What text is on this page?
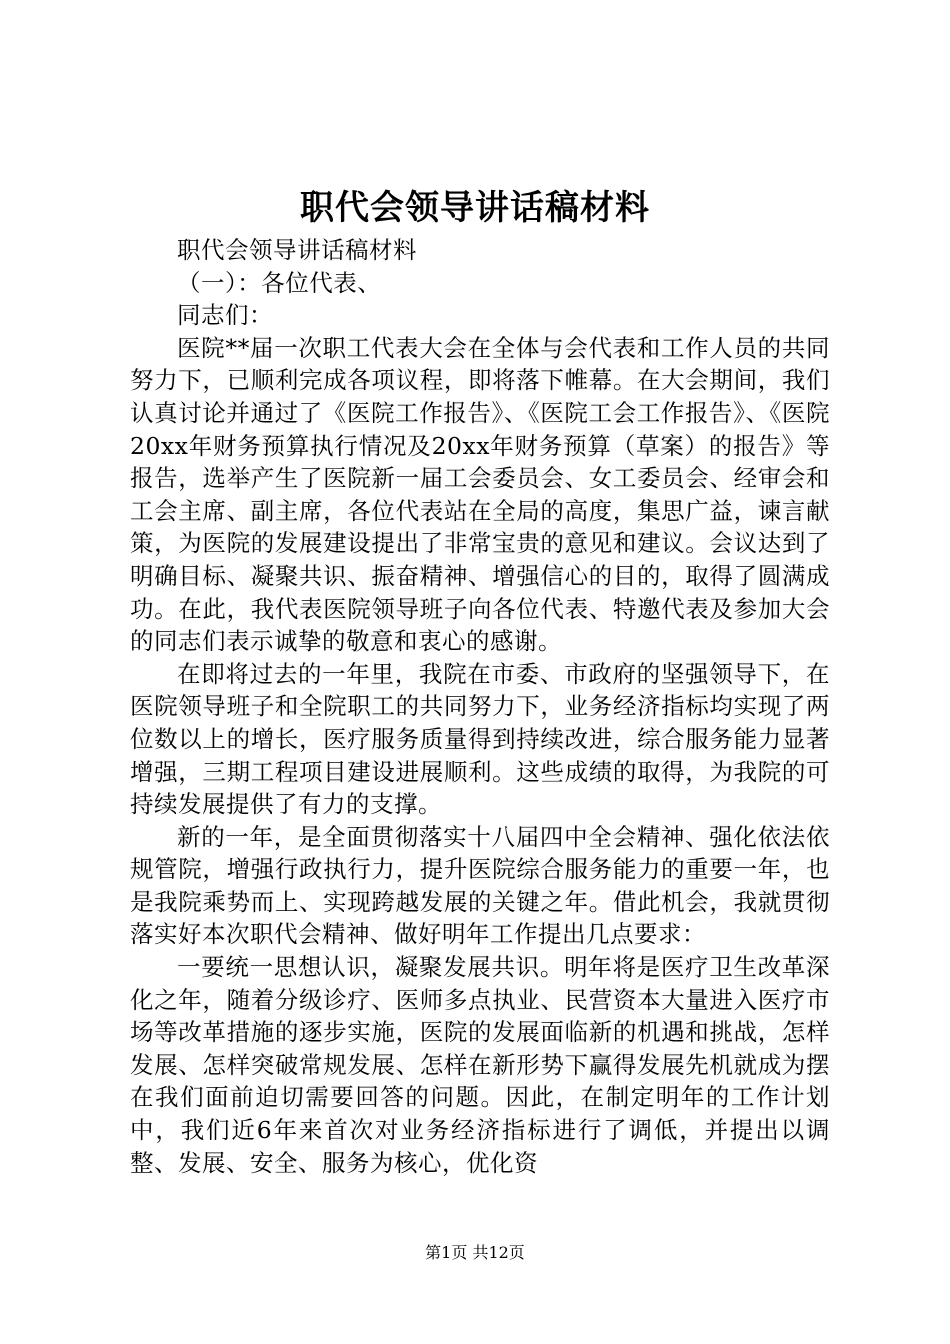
职代会领导讲话稿材料

职代会领导讲话稿材料

（一）：各位代表、

同志们：

医院**届一次职工代表大会在全体与会代表和工作人员的共同努力下，已顺利完成各项议程，即将落下帷幕。在大会期间，我们认真讨论并通过了《医院工作报告》、《医院工会工作报告》、《医院20xx年财务预算执行情况及20xx年财务预算（草案）的报告》等报告，选举产生了医院新一届工会委员会、女工委员会、经审会和工会主席、副主席，各位代表站在全局的高度，集思广益，谏言献策，为医院的发展建设提出了非常宝贵的意见和建议。会议达到了明确目标、凝聚共识、振奋精神、增强信心的目的，取得了圆满成功。在此，我代表医院领导班子向各位代表、特邀代表及参加大会的同志们表示诚挚的敬意和衷心的感谢。

在即将过去的一年里，我院在市委、市政府的坚强领导下，在医院领导班子和全院职工的共同努力下，业务经济指标均实现了两位数以上的增长，医疗服务质量得到持续改进，综合服务能力显著增强，三期工程项目建设进展顺利。这些成绩的取得，为我院的可持续发展提供了有力的支撑。

新的一年，是全面贯彻落实十八届四中全会精神、强化依法依规管院，增强行政执行力，提升医院综合服务能力的重要一年，也是我院乘势而上、实现跨越发展的关键之年。借此机会，我就贯彻落实好本次职代会精神、做好明年工作提出几点要求：

一要统一思想认识，凝聚发展共识。明年将是医疗卫生改革深化之年，随着分级诊疗、医师多点执业、民营资本大量进入医疗市场等改革措施的逐步实施，医院的发展面临新的机遇和挑战，怎样发展、怎样突破常规发展、怎样在新形势下赢得发展先机就成为摆在我们面前迫切需要回答的问题。因此，在制定明年的工作计划中，我们近6年来首次对业务经济指标进行了调低，并提出以调整、发展、安全、服务为核心，优化资

第1页 共12页
